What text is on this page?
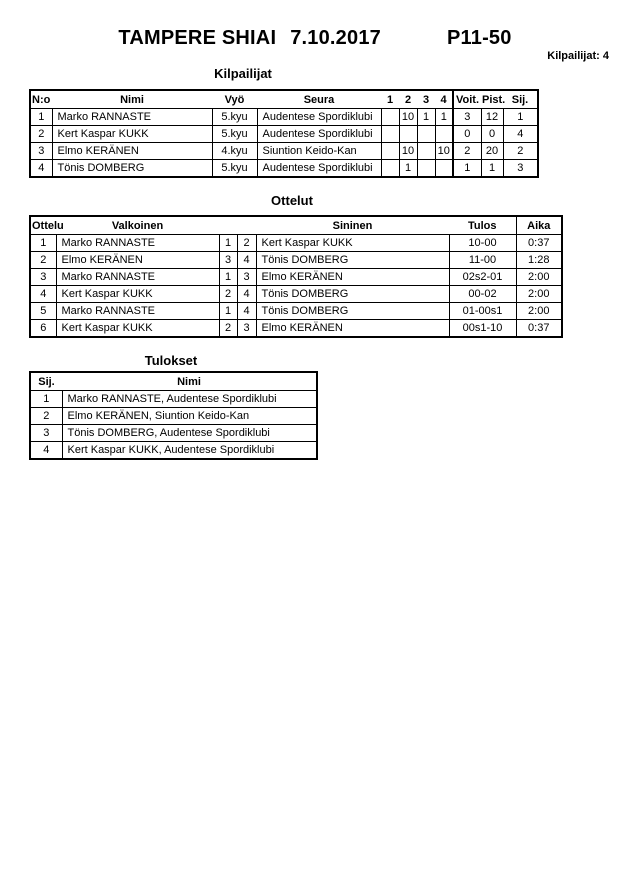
TAMPERE SHIAI 7.10.2017	P11-50
Kilpailijat: 4
Kilpailijat
N:o	Nimi	Vyö	Seura	1	2	3	4	Voit.	Pist.	Sij.
1	Marko RANNASTE	5.kyu	Audentese Spordiklubi		10	1	1	3	12	1
2	Kert Kaspar KUKK	5.kyu	Audentese Spordiklubi					0	0	4
3	Elmo KERÄNEN	4.kyu	Siuntion Keido-Kan		10		10	2	20	2
4	Tönis DOMBERG	5.kyu	Audentese Spordiklubi		1			1	1	3
Ottelut
Ottelu	Valkoinen			Sininen	Tulos	Aika
1	Marko RANNASTE	1	2	Kert Kaspar KUKK	10-00	0:37
2	Elmo KERÄNEN	3	4	Tönis DOMBERG	11-00	1:28
3	Marko RANNASTE	1	3	Elmo KERÄNEN	02s2-01	2:00
4	Kert Kaspar KUKK	2	4	Tönis DOMBERG	00-02	2:00
5	Marko RANNASTE	1	4	Tönis DOMBERG	01-00s1	2:00
6	Kert Kaspar KUKK	2	3	Elmo KERÄNEN	00s1-10	0:37
Tulokset
Sij.	Nimi
1	Marko RANNASTE, Audentese Spordiklubi
2	Elmo KERÄNEN, Siuntion Keido-Kan
3	Tönis DOMBERG, Audentese Spordiklubi
4	Kert Kaspar KUKK, Audentese Spordiklubi
